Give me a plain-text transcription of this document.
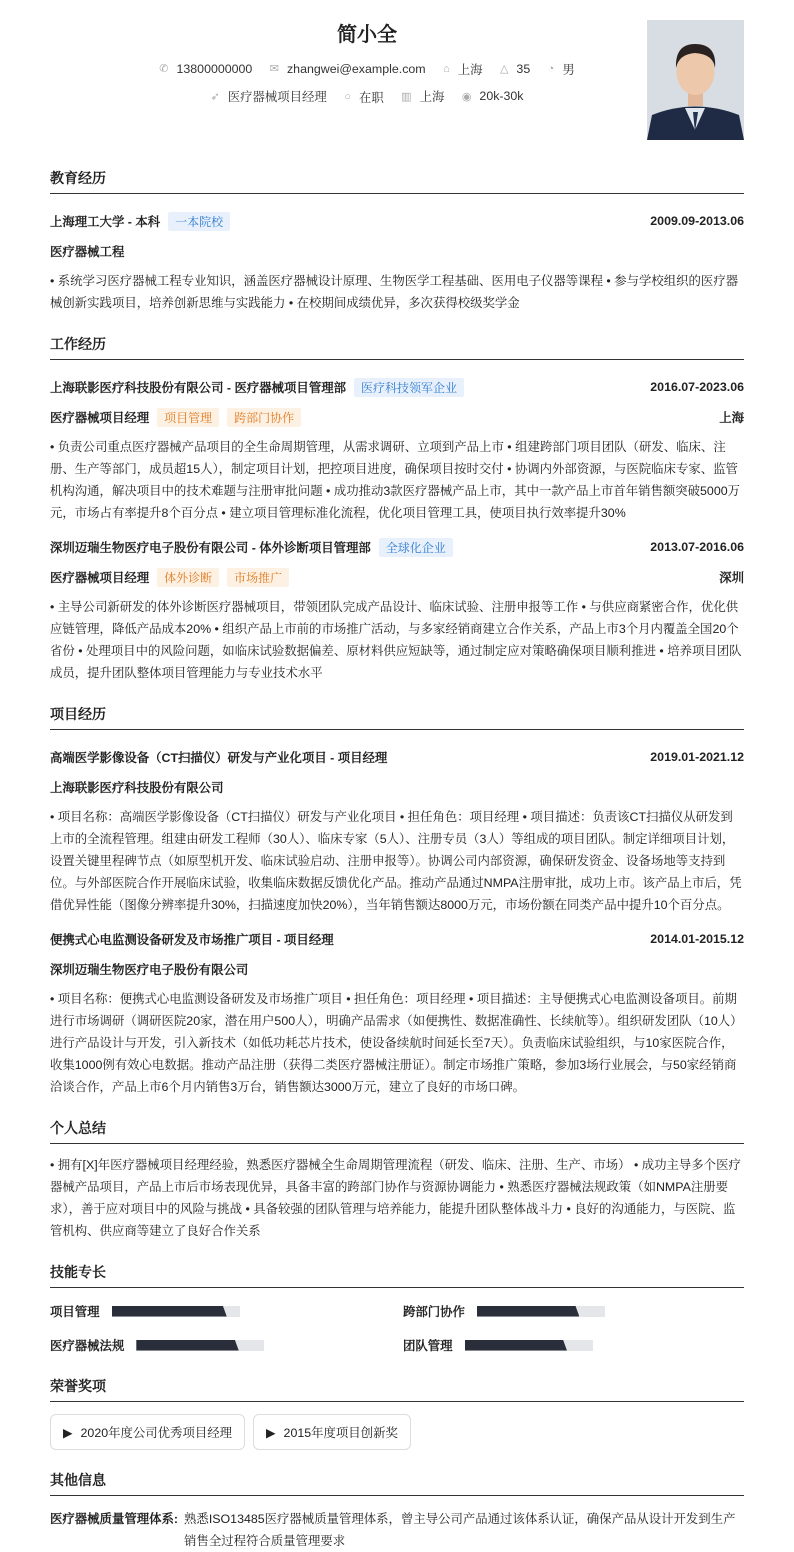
简小全
✆ 13800000000
✉ zhangwei@example.com
⌂ 上海
△ 35
◔ 男
➶ 医疗器械项目经理
○ 在职
▥ 上海
◉ 20k-30k
教育经历
上海理工大学 - 本科	一本院校	2009.09-2013.06
医疗器械工程
• 系统学习医疗器械工程专业知识，涵盖医疗器械设计原理、生物医学工程基础、医用电子仪器等课程 • 参与学校组织的医疗器械创新实践项目，培养创新思维与实践能力 • 在校期间成绩优异，多次获得校级奖学金
工作经历
上海联影医疗科技股份有限公司 - 医疗器械项目管理部	医疗科技领军企业	2016.07-2023.06
医疗器械项目经理	项目管理	跨部门协作	上海
• 负责公司重点医疗器械产品项目的全生命周期管理，从需求调研、立项到产品上市 • 组建跨部门项目团队（研发、临床、注册、生产等部门，成员超15人），制定项目计划，把控项目进度，确保项目按时交付 • 协调内外部资源，与医院临床专家、监管机构沟通，解决项目中的技术难题与注册审批问题 • 成功推动3款医疗器械产品上市，其中一款产品上市首年销售额突破5000万元，市场占有率提升8个百分点 • 建立项目管理标准化流程，优化项目管理工具，使项目执行效率提升30%
深圳迈瑞生物医疗电子股份有限公司 - 体外诊断项目管理部	全球化企业	2013.07-2016.06
医疗器械项目经理	体外诊断	市场推广	深圳
• 主导公司新研发的体外诊断医疗器械项目，带领团队完成产品设计、临床试验、注册申报等工作 • 与供应商紧密合作，优化供应链管理，降低产品成本20% • 组织产品上市前的市场推广活动，与多家经销商建立合作关系，产品上市3个月内覆盖全国20个省份 • 处理项目中的风险问题，如临床试验数据偏差、原材料供应短缺等，通过制定应对策略确保项目顺利推进 • 培养项目团队成员，提升团队整体项目管理能力与专业技术水平
项目经历
高端医学影像设备（CT扫描仪）研发与产业化项目 - 项目经理	2019.01-2021.12
上海联影医疗科技股份有限公司
• 项目名称：高端医学影像设备（CT扫描仪）研发与产业化项目 • 担任角色：项目经理 • 项目描述：负责该CT扫描仪从研发到上市的全流程管理。组建由研发工程师（30人）、临床专家（5人）、注册专员（3人）等组成的项目团队。制定详细项目计划，设置关键里程碑节点（如原型机开发、临床试验启动、注册申报等）。协调公司内部资源，确保研发资金、设备场地等支持到位。与外部医院合作开展临床试验，收集临床数据反馈优化产品。推动产品通过NMPA注册审批，成功上市。该产品上市后，凭借优异性能（图像分辨率提升30%，扫描速度加快20%），当年销售额达8000万元，市场份额在同类产品中提升10个百分点。
便携式心电监测设备研发及市场推广项目 - 项目经理	2014.01-2015.12
深圳迈瑞生物医疗电子股份有限公司
• 项目名称：便携式心电监测设备研发及市场推广项目 • 担任角色：项目经理 • 项目描述：主导便携式心电监测设备项目。前期进行市场调研（调研医院20家，潜在用户500人），明确产品需求（如便携性、数据准确性、长续航等）。组织研发团队（10人）进行产品设计与开发，引入新技术（如低功耗芯片技术，使设备续航时间延长至7天）。负责临床试验组织，与10家医院合作，收集1000例有效心电数据。推动产品注册（获得二类医疗器械注册证）。制定市场推广策略，参加3场行业展会，与50家经销商洽谈合作，产品上市6个月内销售3万台，销售额达3000万元，建立了良好的市场口碑。
个人总结
• 拥有[X]年医疗器械项目经理经验，熟悉医疗器械全生命周期管理流程（研发、临床、注册、生产、市场） • 成功主导多个医疗器械产品项目，产品上市后市场表现优异，具备丰富的跨部门协作与资源协调能力 • 熟悉医疗器械法规政策（如NMPA注册要求），善于应对项目中的风险与挑战 • 具备较强的团队管理与培养能力，能提升团队整体战斗力 • 良好的沟通能力，与医院、监管机构、供应商等建立了良好合作关系
技能专长
项目管理	跨部门协作
医疗器械法规	团队管理
荣誉奖项
▶ 2020年度公司优秀项目经理	▶ 2015年度项目创新奖
其他信息
医疗器械质量管理体系: 熟悉ISO13485医疗器械质量管理体系，曾主导公司产品通过该体系认证，确保产品从设计开发到生产销售全过程符合质量管理要求
